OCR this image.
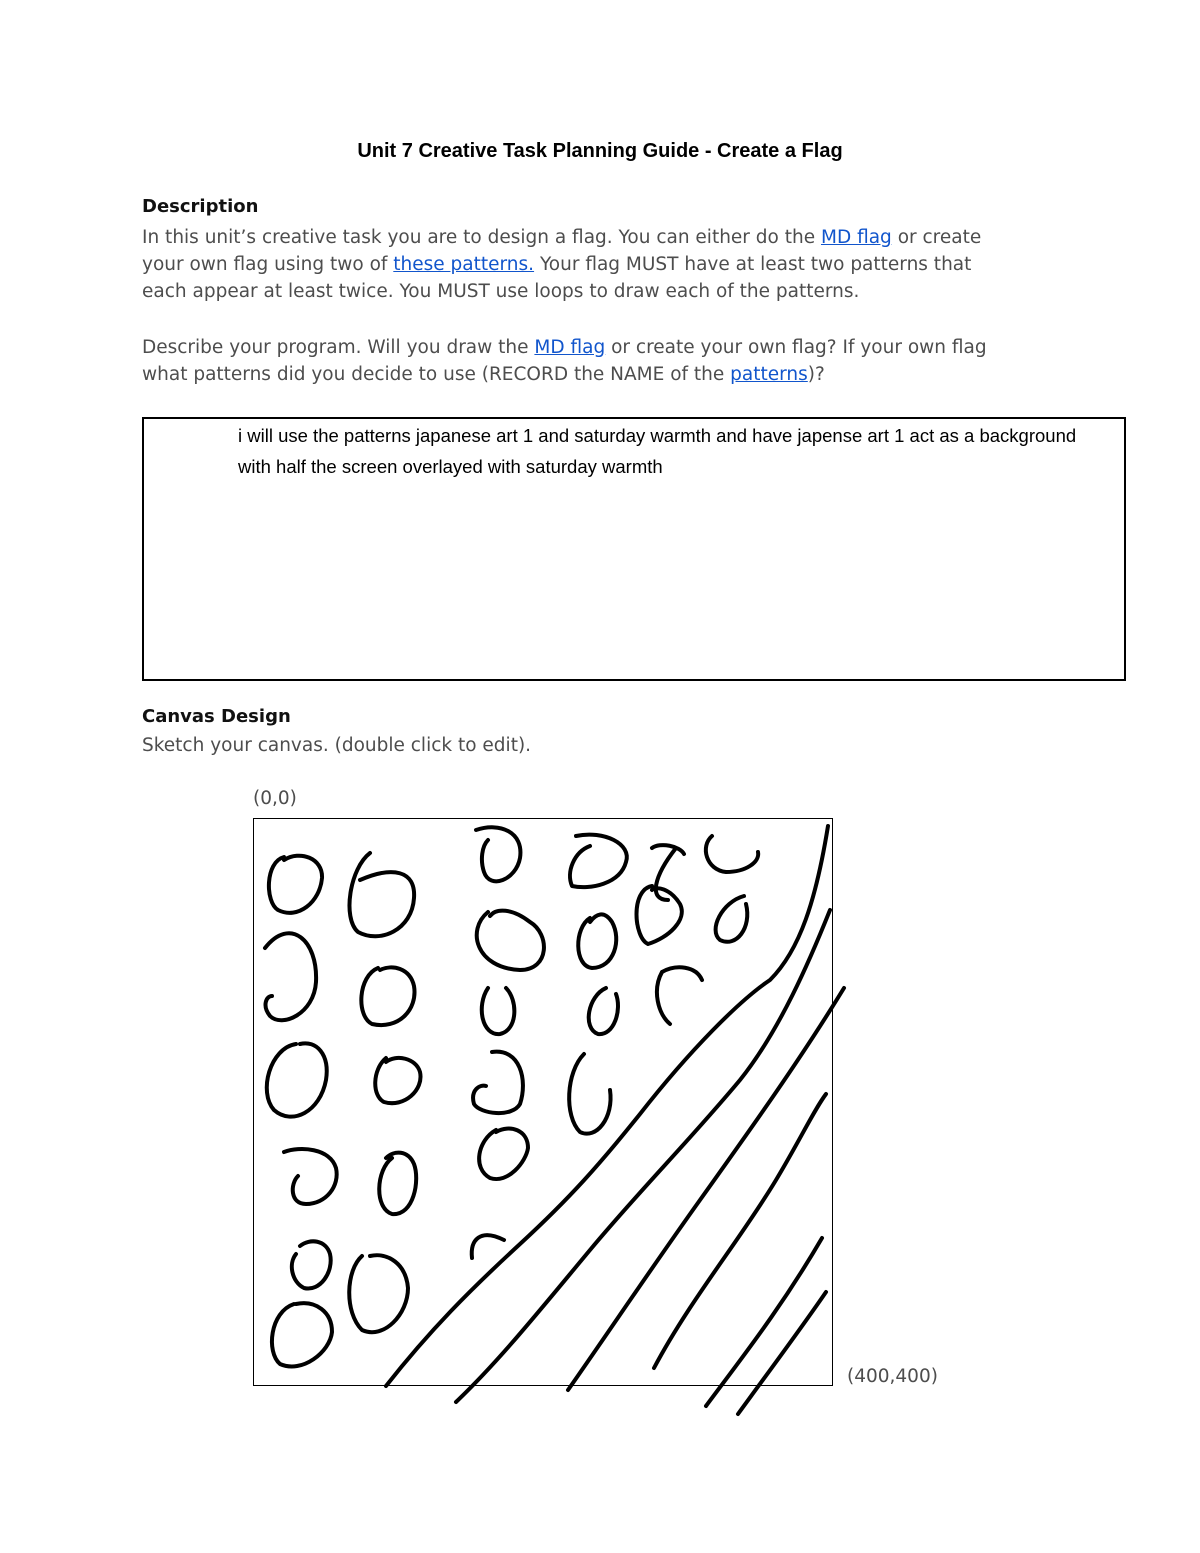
Unit 7 Creative Task Planning Guide - Create a Flag
Description

In this unit’s creative task you are to design a flag. You can either do the MD flag or create

your own flag using two of these patterns. Your flag MUST have at least two patterns that

each appear at least twice. You MUST use loops to draw each of the patterns.

Describe your program. Will you draw the MD flag or create your own flag? If your own flag

what patterns did you decide to use (RECORD the NAME of the patterns)?

i will use the patterns japanese art 1 and saturday warmth and have japense art 1 act as a background
with half the screen overlayed with saturday warmth
Canvas Design
Sketch your canvas. (double click to edit).
(0,0)
(400,400)
